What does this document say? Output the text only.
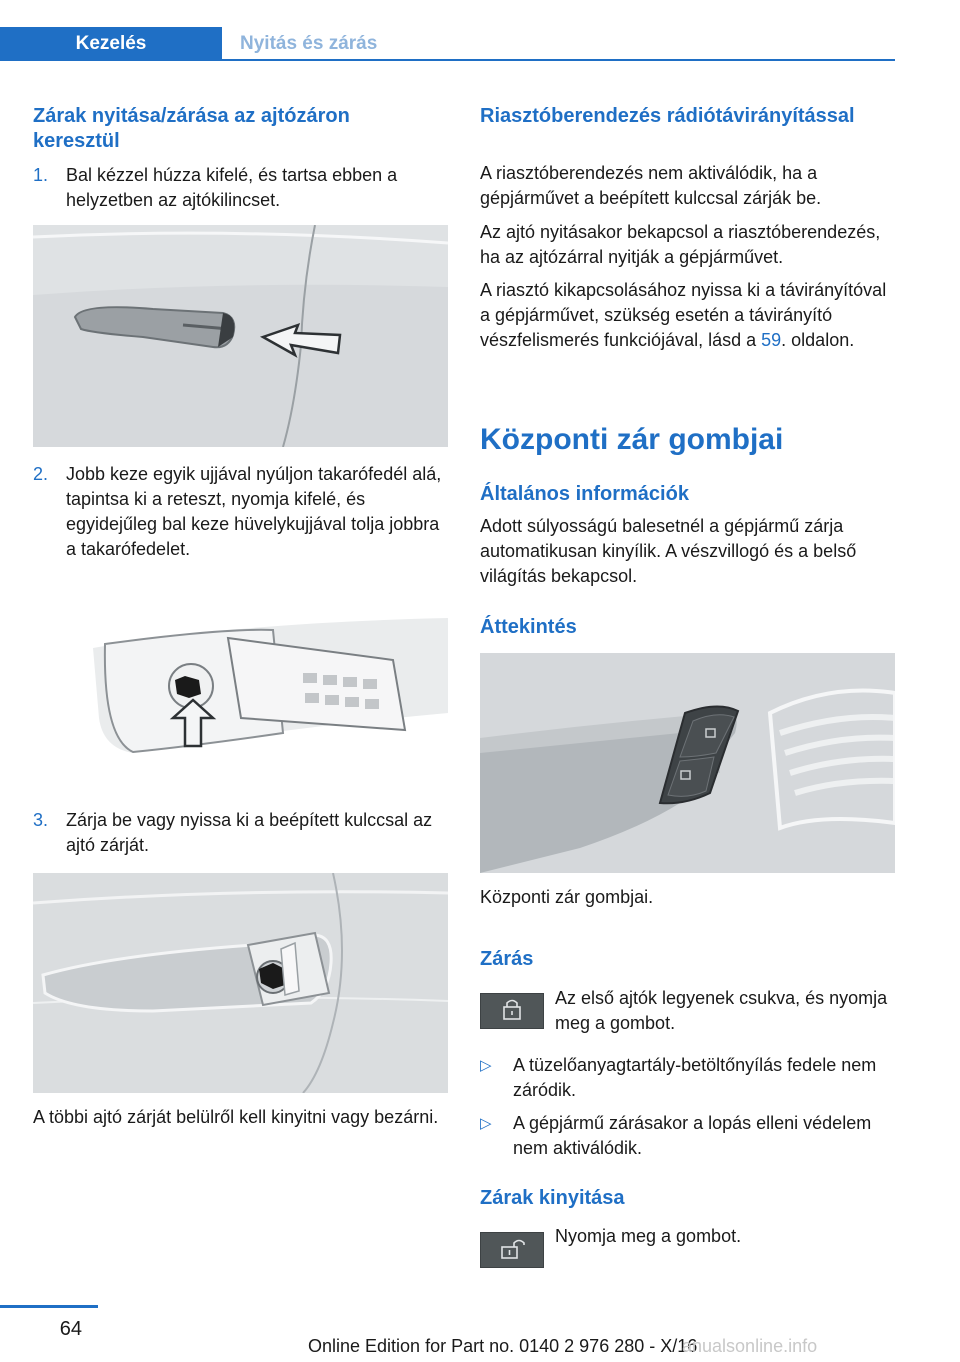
Kezelés	Nyitás és zárás
Zárak nyitása/zárása az ajtózáron keresztül
1. Bal kézzel húzza kifelé, és tartsa ebben a helyzetben az ajtókilincset.
2. Jobb keze egyik ujjával nyúljon takarófedél alá, tapintsa ki a reteszt, nyomja kifelé, és egyidejűleg bal keze hüvelykujjával tolja jobbra a takarófedelet.
3. Zárja be vagy nyissa ki a beépített kulccsal az ajtó zárját.

A többi ajtó zárját belülről kell kinyitni vagy bezárni.

Riasztóberendezés rádiótávirányítással

A riasztóberendezés nem aktiválódik, ha a gépjárművet a beépített kulccsal zárják be.

Az ajtó nyitásakor bekapcsol a riasztóberendezés, ha az ajtózárral nyitják a gépjárművet.

A riasztó kikapcsolásához nyissa ki a távirányítóval a gépjárművet, szükség esetén a távirányító vészfelismerés funkciójával, lásd a 59. oldalon.

Központi zár gombjai
Általános információk

Adott súlyosságú balesetnél a gépjármű zárja automatikusan kinyílik. A vészvillogó és a belső világítás bekapcsol.

Áttekintés

Központi zár gombjai.

Zárás

Az első ajtók legyenek csukva, és nyomja meg a gombot.

▷	A tüzelőanyagtartály-betöltőnyílás fedele nem záródik.
▷	A gépjármű zárásakor a lopás elleni védelem nem aktiválódik.
Zárak kinyitása

Nyomja meg a gombot.

64
Online Edition for Part no. 0140 2 976 280 - X/16
anualsonline.info
